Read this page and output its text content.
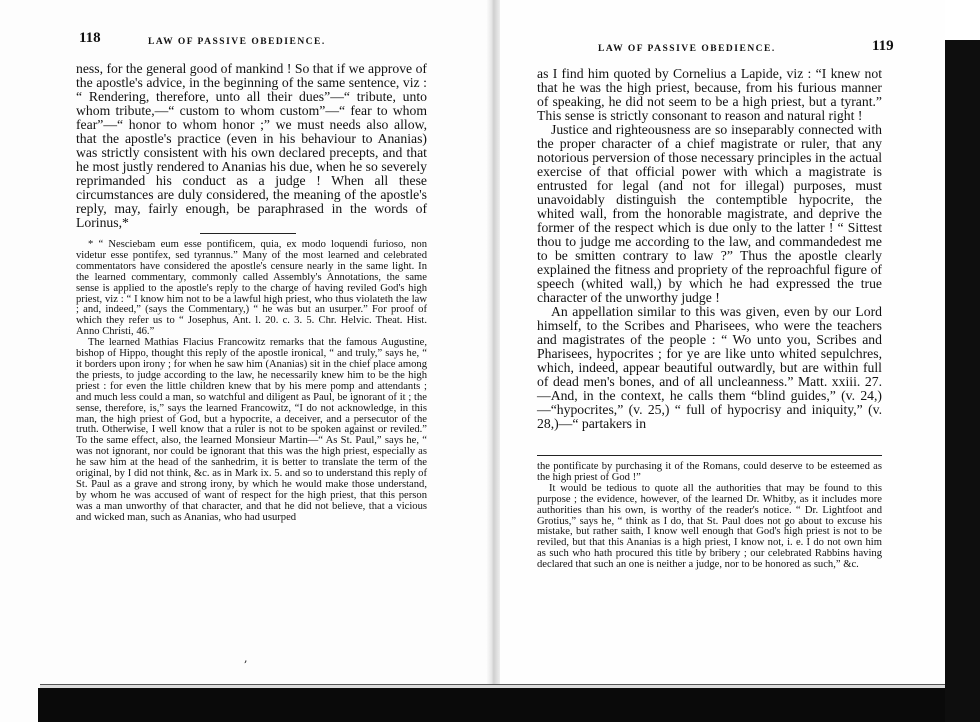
118	LAW OF PASSIVE OBEDIENCE.

ness, for the general good of mankind ! So that if we approve of the apostle's advice, in the beginning of the same sentence, viz : “ Rendering, therefore, unto all their dues”—“ tribute, unto whom tribute,—“ custom to whom custom”—“ fear to whom fear”—“ honor to whom honor ;” we must needs also allow, that the apostle's practice (even in his behaviour to Ananias) was strictly consistent with his own declared precepts, and that he most justly rendered to Ananias his due, when he so severely reprimanded his conduct as a judge ! When all these circumstances are duly considered, the meaning of the apostle's reply, may, fairly enough, be paraphrased in the words of Lorinus,*

* “ Nesciebam eum esse pontificem, quia, ex modo loquendi furioso, non videtur esse pontifex, sed tyrannus.” Many of the most learned and celebrated commentators have considered the apostle's censure nearly in the same light. In the learned commentary, commonly called Assembly's Annotations, the same sense is applied to the apostle's reply to the charge of having reviled God's high priest, viz : “ I know him not to be a lawful high priest, who thus violateth the law ; and, indeed,” (says the Commentary,) “ he was but an usurper.” For proof of which they refer us to “ Josephus, Ant. l. 20. c. 3. 5. Chr. Helvic. Theat. Hist. Anno Christi, 46.”

The learned Mathias Flacius Francowitz remarks that the famous Augustine, bishop of Hippo, thought this reply of the apostle ironical, “ and truly,” says he, “ it borders upon irony ; for when he saw him (Ananias) sit in the chief place among the priests, to judge according to the law, he necessarily knew him to be the high priest : for even the little children knew that by his mere pomp and attendants ; and much less could a man, so watchful and diligent as Paul, be ignorant of it ; the sense, therefore, is,” says the learned Francowitz, “I do not acknowledge, in this man, the high priest of God, but a hypocrite, a deceiver, and a persecutor of the truth. Otherwise, I well know that a ruler is not to be spoken against or reviled.” To the same effect, also, the learned Monsieur Martin—“ As St. Paul,” says he, “ was not ignorant, nor could be ignorant that this was the high priest, especially as he saw him at the head of the sanhedrim, it is better to translate the term of the original, by I did not think, &c. as in Mark ix. 5. and so to understand this reply of St. Paul as a grave and strong irony, by which he would make those understand, by whom he was accused of want of respect for the high priest, that this person was a man unworthy of that character, and that he did not believe, that a vicious and wicked man, such as Ananias, who had usurped

,
LAW OF PASSIVE OBEDIENCE.	119

as I find him quoted by Cornelius a Lapide, viz : “I knew not that he was the high priest, because, from his furious manner of speaking, he did not seem to be a high priest, but a tyrant.” This sense is strictly consonant to reason and natural right !

Justice and righteousness are so inseparably connected with the proper character of a chief magistrate or ruler, that any notorious perversion of those necessary principles in the actual exercise of that official power with which a magistrate is entrusted for legal (and not for illegal) purposes, must unavoidably distinguish the contemptible hypocrite, the whited wall, from the honorable magistrate, and deprive the former of the respect which is due only to the latter ! “ Sittest thou to judge me according to the law, and commandedest me to be smitten contrary to law ?” Thus the apostle clearly explained the fitness and propriety of the reproachful figure of speech (whited wall,) by which he had expressed the true character of the unworthy judge !

An appellation similar to this was given, even by our Lord himself, to the Scribes and Pharisees, who were the teachers and magistrates of the people : “ Wo unto you, Scribes and Pharisees, hypocrites ; for ye are like unto whited sepulchres, which, indeed, appear beautiful outwardly, but are within full of dead men's bones, and of all uncleanness.” Matt. xxiii. 27.—And, in the context, he calls them “blind guides,” (v. 24,)—“hypocrites,” (v. 25,) “ full of hypocrisy and iniquity,” (v. 28,)—“ partakers in

the pontificate by purchasing it of the Romans, could deserve to be esteemed as the high priest of God !”

It would be tedious to quote all the authorities that may be found to this purpose ; the evidence, however, of the learned Dr. Whitby, as it includes more authorities than his own, is worthy of the reader's notice. “ Dr. Lightfoot and Grotius,” says he, “ think as I do, that St. Paul does not go about to excuse his mistake, but rather saith, I know well enough that God's high priest is not to be reviled, but that this Ananias is a high priest, I know not, i. e. I do not own him as such who hath procured this title by bribery ; our celebrated Rabbins having declared that such an one is neither a judge, nor to be honored as such,” &c.
